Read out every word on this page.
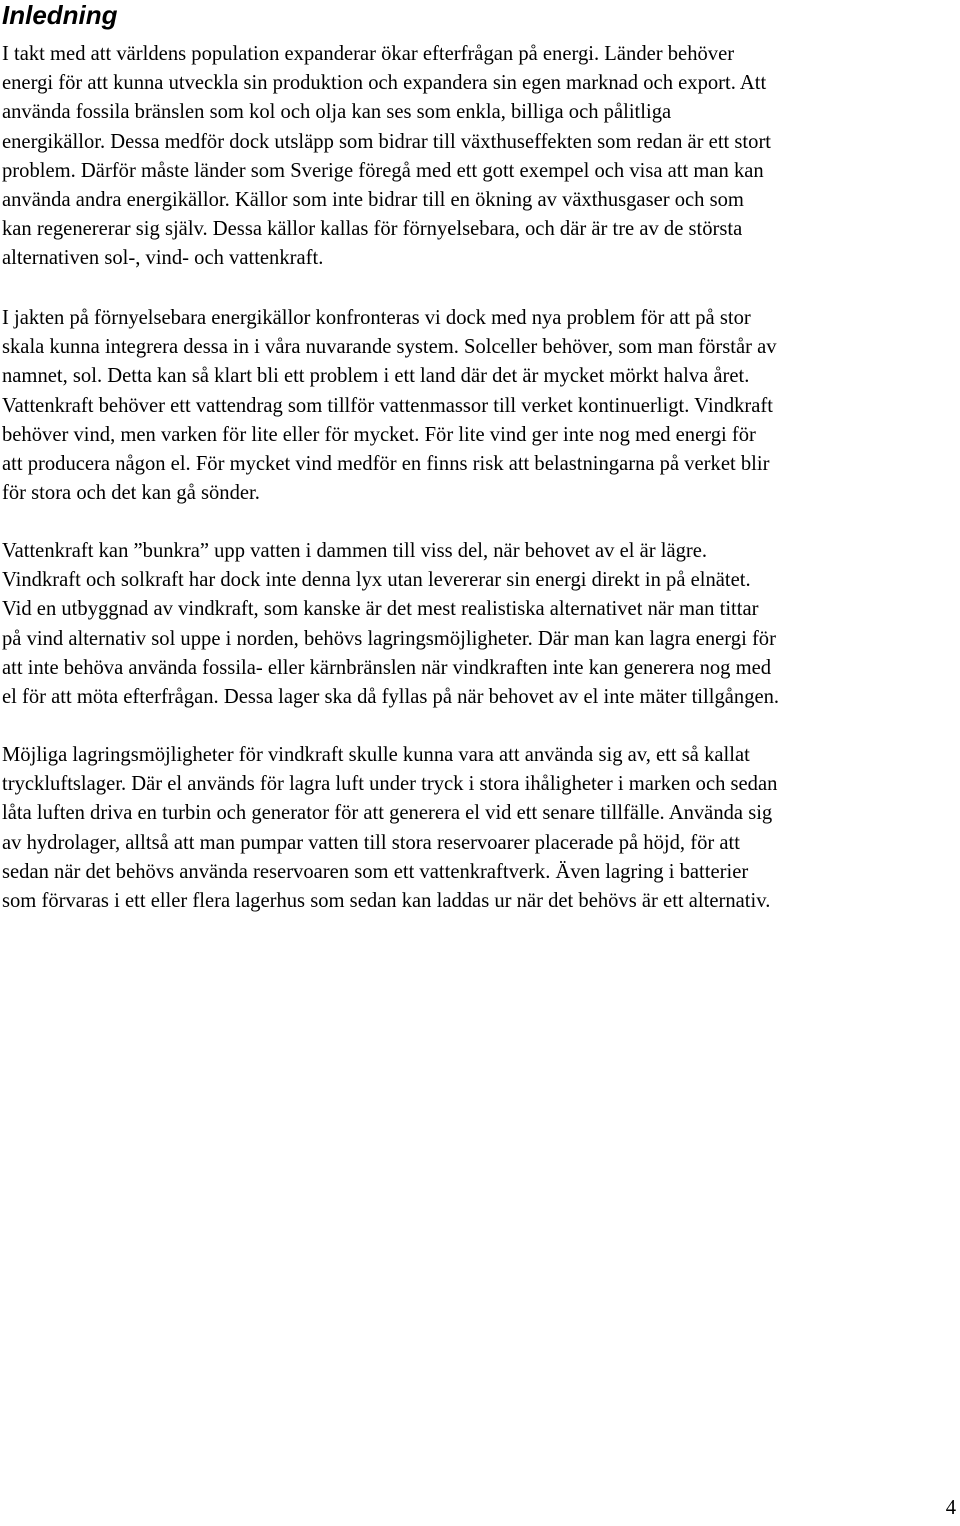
Inledning
I takt med att världens population expanderar ökar efterfrågan på energi. Länder behöver
energi för att kunna utveckla sin produktion och expandera sin egen marknad och export. Att
använda fossila bränslen som kol och olja kan ses som enkla, billiga och pålitliga
energikällor. Dessa medför dock utsläpp som bidrar till växthuseffekten som redan är ett stort
problem. Därför måste länder som Sverige föregå med ett gott exempel och visa att man kan
använda andra energikällor. Källor som inte bidrar till en ökning av växthusgaser och som
kan regenererar sig själv. Dessa källor kallas för förnyelsebara, och där är tre av de största
alternativen sol-, vind- och vattenkraft.
I jakten på förnyelsebara energikällor konfronteras vi dock med nya problem för att på stor
skala kunna integrera dessa in i våra nuvarande system. Solceller behöver, som man förstår av
namnet, sol. Detta kan så klart bli ett problem i ett land där det är mycket mörkt halva året.
Vattenkraft behöver ett vattendrag som tillför vattenmassor till verket kontinuerligt. Vindkraft
behöver vind, men varken för lite eller för mycket. För lite vind ger inte nog med energi för
att producera någon el. För mycket vind medför en finns risk att belastningarna på verket blir
för stora och det kan gå sönder.
Vattenkraft kan ”bunkra” upp vatten i dammen till viss del, när behovet av el är lägre.
Vindkraft och solkraft har dock inte denna lyx utan levererar sin energi direkt in på elnätet.
Vid en utbyggnad av vindkraft, som kanske är det mest realistiska alternativet när man tittar
på vind alternativ sol uppe i norden, behövs lagringsmöjligheter. Där man kan lagra energi för
att inte behöva använda fossila- eller kärnbränslen när vindkraften inte kan generera nog med
el för att möta efterfrågan. Dessa lager ska då fyllas på när behovet av el inte mäter tillgången.
Möjliga lagringsmöjligheter för vindkraft skulle kunna vara att använda sig av, ett så kallat
tryckluftslager. Där el används för lagra luft under tryck i stora ihåligheter i marken och sedan
låta luften driva en turbin och generator för att generera el vid ett senare tillfälle. Använda sig
av hydrolager, alltså att man pumpar vatten till stora reservoarer placerade på höjd, för att
sedan när det behövs använda reservoaren som ett vattenkraftverk. Även lagring i batterier
som förvaras i ett eller flera lagerhus som sedan kan laddas ur när det behövs är ett alternativ.
4
